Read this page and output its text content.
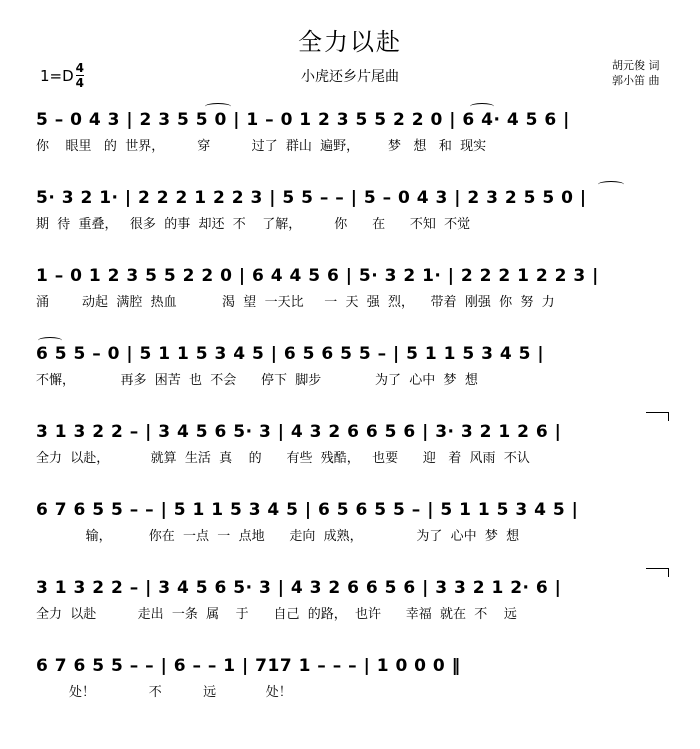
全力以赴
$1=D \frac{4}{4}$	小虎还乡片尾曲
胡元俊 词
郭小笛 曲
5 – 0 4 3 | 2 3 5 5 0 | 1 – 0 1 2 3 5 5 2 2 0 | 6 4· 4 5 6 |
你    眼里   的  世界，        穿          过了  群山  遍野，       梦   想   和  现实
5· 3 2 1· | 2 2 2 1 2 2 3 | 5 5 – – | 5 – 0 4 3 | 2 3 2 5 5 0 |
期  待  重叠，   很多  的事  却还  不    了解，        你      在      不知  不觉
1 – 0 1 2 3 5 5 2 2 0 | 6 4 4 5 6 | 5· 3 2 1· | 2 2 2 1 2 2 3 |
涌        动起  满腔  热血           渴  望  一天比     一  天  强  烈，    带着  刚强  你  努  力
6 5 5 – 0 | 5 1 1 5 3 4 5 | 6 5 6 5 5 – | 5 1 1 5 3 4 5 |
不懈，           再多  困苦  也  不会      停下  脚步             为了  心中  梦  想
3 1 3 2 2 – | 3 4 5 6 5· 3 | 4 3 2 6 6 5 6 | 3· 3 2 1 2 6 |
全力  以赴，          就算  生活  真    的      有些  残酷，   也要      迎   着  风雨  不认
6 7 6 5 5 – – | 5 1 1 5 3 4 5 | 6 5 6 5 5 – | 5 1 1 5 3 4 5 |
输，         你在  一点  一  点地      走向  成熟，             为了  心中  梦  想
3 1 3 2 2 – | 3 4 5 6 5· 3 | 4 3 2 6 6 5 6 | 3 3 2 1 2· 6 |
全力  以赴          走出  一条  属    于      自己  的路，  也许      幸福  就在  不    远
6 7 6 5 5 – – | 6 – – 1 | 717 1 – – – | 1 0 0 0 ‖
处！             不          远            处！
